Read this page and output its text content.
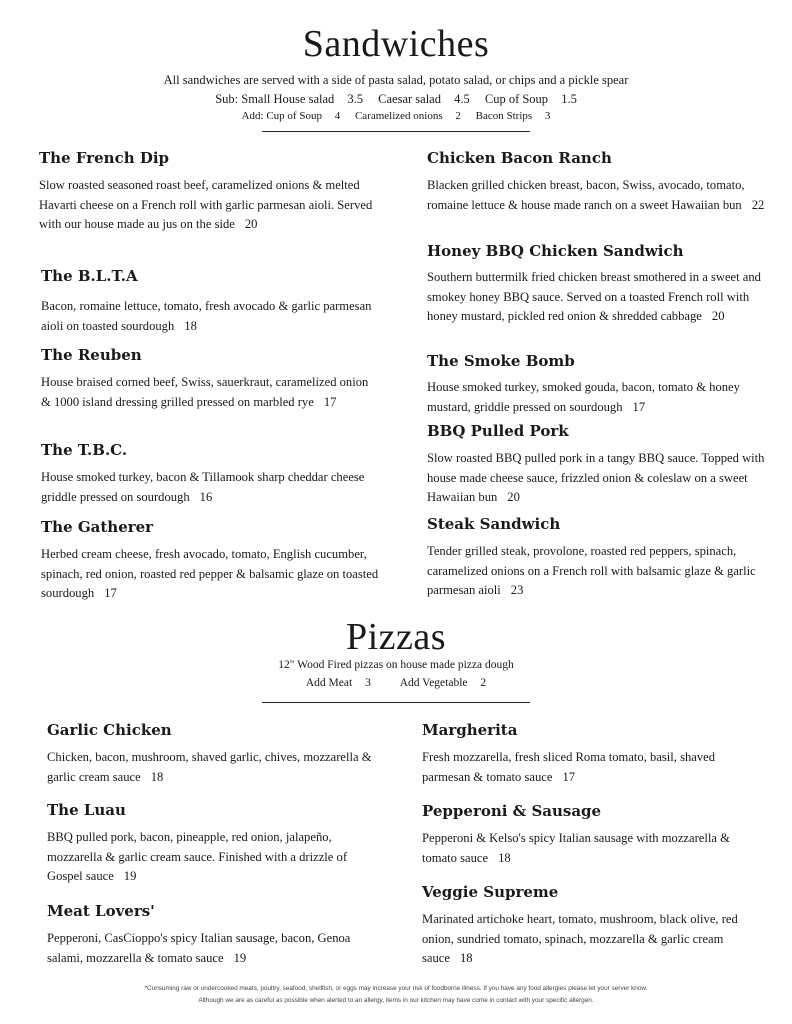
Sandwiches

All sandwiches are served with a side of pasta salad, potato salad, or chips and a pickle spear

Sub: Small House salad 3.5 Caesar salad 4.5 Cup of Soup 1.5

Add: Cup of Soup 4 Caramelized onions 2 Bacon Strips 3

The French Dip

Slow roasted seasoned roast beef, caramelized onions & melted Havarti cheese on a French roll with garlic parmesan aioli. Served with our house made au jus on the side 20

The B.L.T.A

Bacon, romaine lettuce, tomato, fresh avocado & garlic parmesan aioli on toasted sourdough 18

The Reuben

House braised corned beef, Swiss, sauerkraut, caramelized onion & 1000 island dressing grilled pressed on marbled rye 17

The T.B.C.

House smoked turkey, bacon & Tillamook sharp cheddar cheese griddle pressed on sourdough 16

The Gatherer

Herbed cream cheese, fresh avocado, tomato, English cucumber, spinach, red onion, roasted red pepper & balsamic glaze on toasted sourdough 17

Chicken Bacon Ranch

Blacken grilled chicken breast, bacon, Swiss, avocado, tomato, romaine lettuce & house made ranch on a sweet Hawaiian bun 22

Honey BBQ Chicken Sandwich

Southern buttermilk fried chicken breast smothered in a sweet and smokey honey BBQ sauce. Served on a toasted French roll with honey mustard, pickled red onion & shredded cabbage 20

The Smoke Bomb

House smoked turkey, smoked gouda, bacon, tomato & honey mustard, griddle pressed on sourdough 17

BBQ Pulled Pork

Slow roasted BBQ pulled pork in a tangy BBQ sauce. Topped with house made cheese sauce, frizzled onion & coleslaw on a sweet Hawaiian bun 20

Steak Sandwich

Tender grilled steak, provolone, roasted red peppers, spinach, caramelized onions on a French roll with balsamic glaze & garlic parmesan aioli 23

Pizzas

12" Wood Fired pizzas on house made pizza dough

Add Meat 3	Add Vegetable 2

Garlic Chicken

Chicken, bacon, mushroom, shaved garlic, chives, mozzarella & garlic cream sauce 18

The Luau

BBQ pulled pork, bacon, pineapple, red onion, jalapeño, mozzarella & garlic cream sauce. Finished with a drizzle of Gospel sauce 19

Meat Lovers'

Pepperoni, CasCioppo's spicy Italian sausage, bacon, Genoa salami, mozzarella & tomato sauce 19

Margherita

Fresh mozzarella, fresh sliced Roma tomato, basil, shaved parmesan & tomato sauce 17

Pepperoni & Sausage

Pepperoni & Kelso's spicy Italian sausage with mozzarella & tomato sauce 18

Veggie Supreme

Marinated artichoke heart, tomato, mushroom, black olive, red onion, sundried tomato, spinach, mozzarella & garlic cream sauce 18

*Consuming raw or undercooked meats, poultry, seafood, shellfish, or eggs may increase your risk of foodborne illness. If you have any food allergies please let your server know.

Although we are as careful as possible when alerted to an allergy, items in our kitchen may have come in contact with your specific allergen.
